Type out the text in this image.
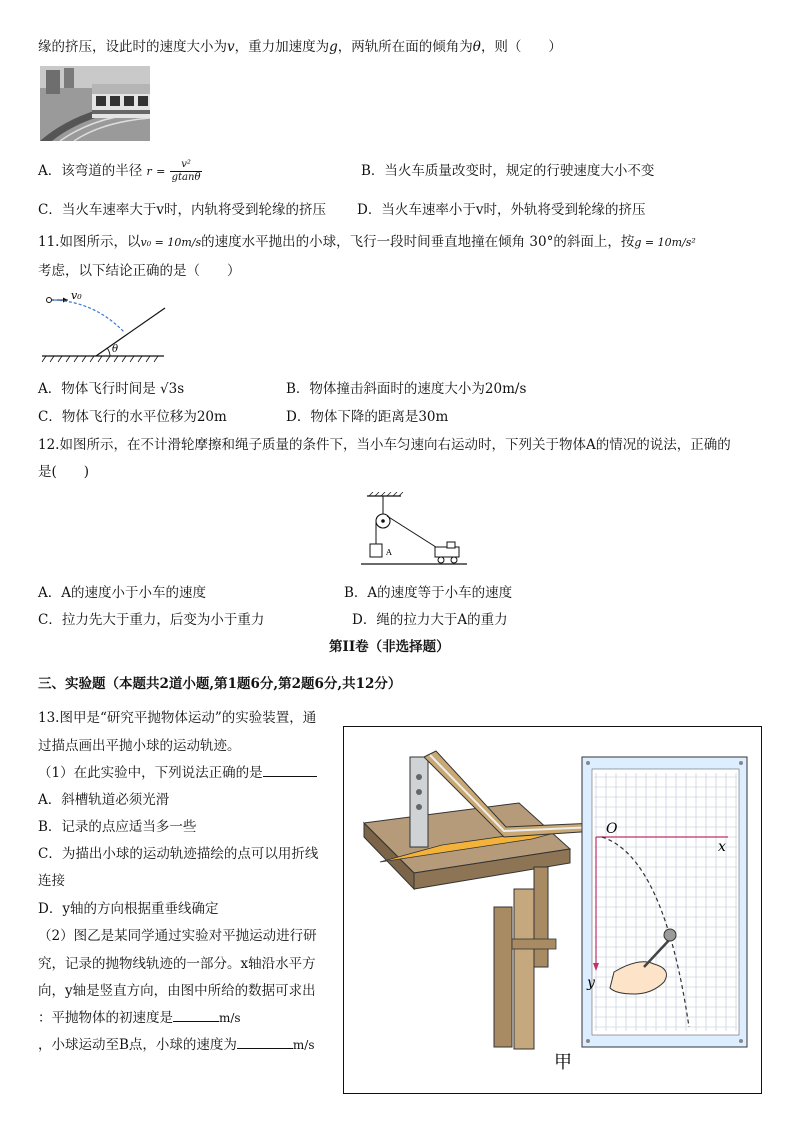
缘的挤压，设此时的速度大小为v，重力加速度为g，两轨所在面的倾角为θ，则（　　）
A．该弯道的半径 $r = \frac{\text{v²}}{gtan\theta}$	B．当火车质量改变时，规定的行驶速度大小不变
C．当火车速率大于v时，内轨将受到轮缘的挤压 D．当火车速率小于v时，外轨将受到轮缘的挤压
11.如图所示，以v₀ = 10m/s的速度水平抛出的小球，飞行一段时间垂直地撞在倾角 30°的斜面上，按g = 10m/s²
考虑，以下结论正确的是（　　）
v₀
θ
A．物体飞行时间是 √3s	B．物体撞击斜面时的速度大小为20m/s
C．物体飞行的水平位移为20m	D．物体下降的距离是30m
12.如图所示，在不计滑轮摩擦和绳子质量的条件下，当小车匀速向右运动时，下列关于物体A的情况的说法，正确的
是(　　)
A
A．A的速度小于小车的速度	B．A的速度等于小车的速度
C．拉力先大于重力，后变为小于重力	D．绳的拉力大于A的重力
第II卷（非选择题）
三、实验题（本题共2道小题,第1题6分,第2题6分,共12分）
13.图甲是“研究平抛物体运动”的实验装置，通
过描点画出平抛小球的运动轨迹。
（1）在此实验中，下列说法正确的是
A．斜槽轨道必须光滑
B．记录的点应适当多一些
C．为描出小球的运动轨迹描绘的点可以用折线
连接
D．y轴的方向根据重垂线确定
（2）图乙是某同学通过实验对平抛运动进行研
究，记录的抛物线轨迹的一部分。x轴沿水平方
向，y轴是竖直方向，由图中所给的数据可求出
：平抛物体的初速度是	m/s
，小球运动至B点，小球的速度为	m/s
O
x
y
甲
